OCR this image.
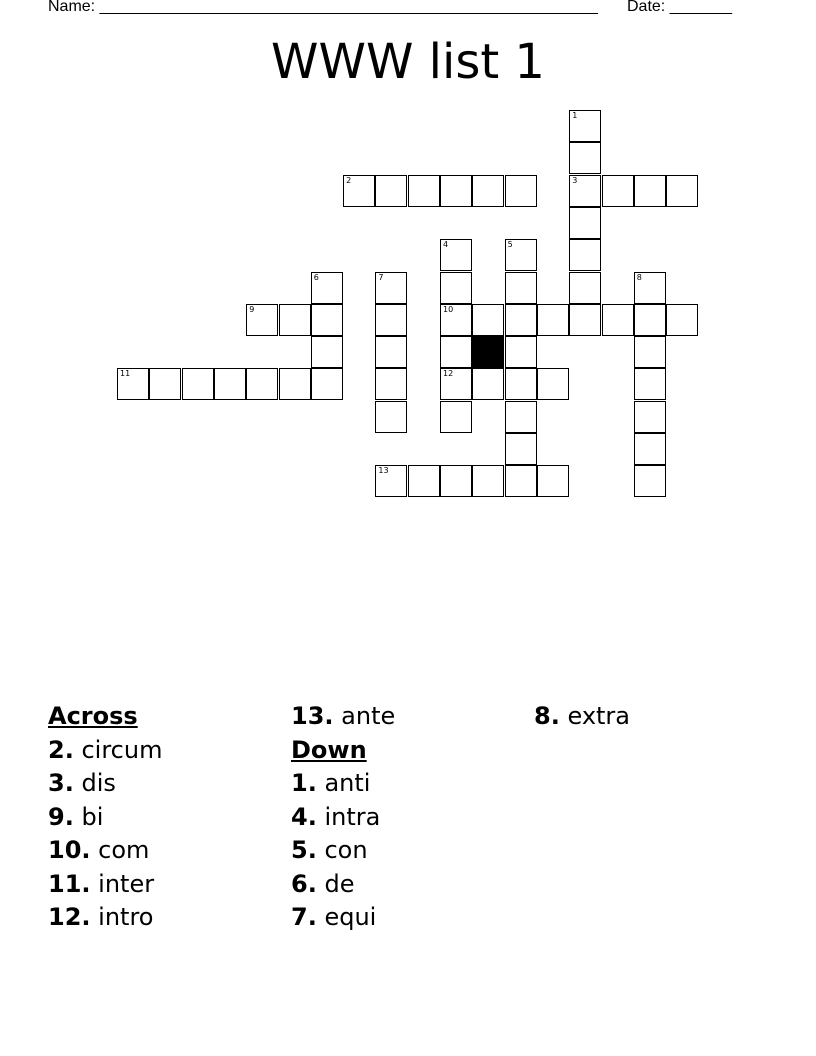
Name: ________________________________________________________ Date: _______
WWW list 1
1
2	3
4	5
6	7	8
9	10
11	12
13
Across
2. circum
3. dis
9. bi
10. com
11. inter
12. intro
13. ante
Down
1. anti
4. intra
5. con
6. de
7. equi
8. extra
